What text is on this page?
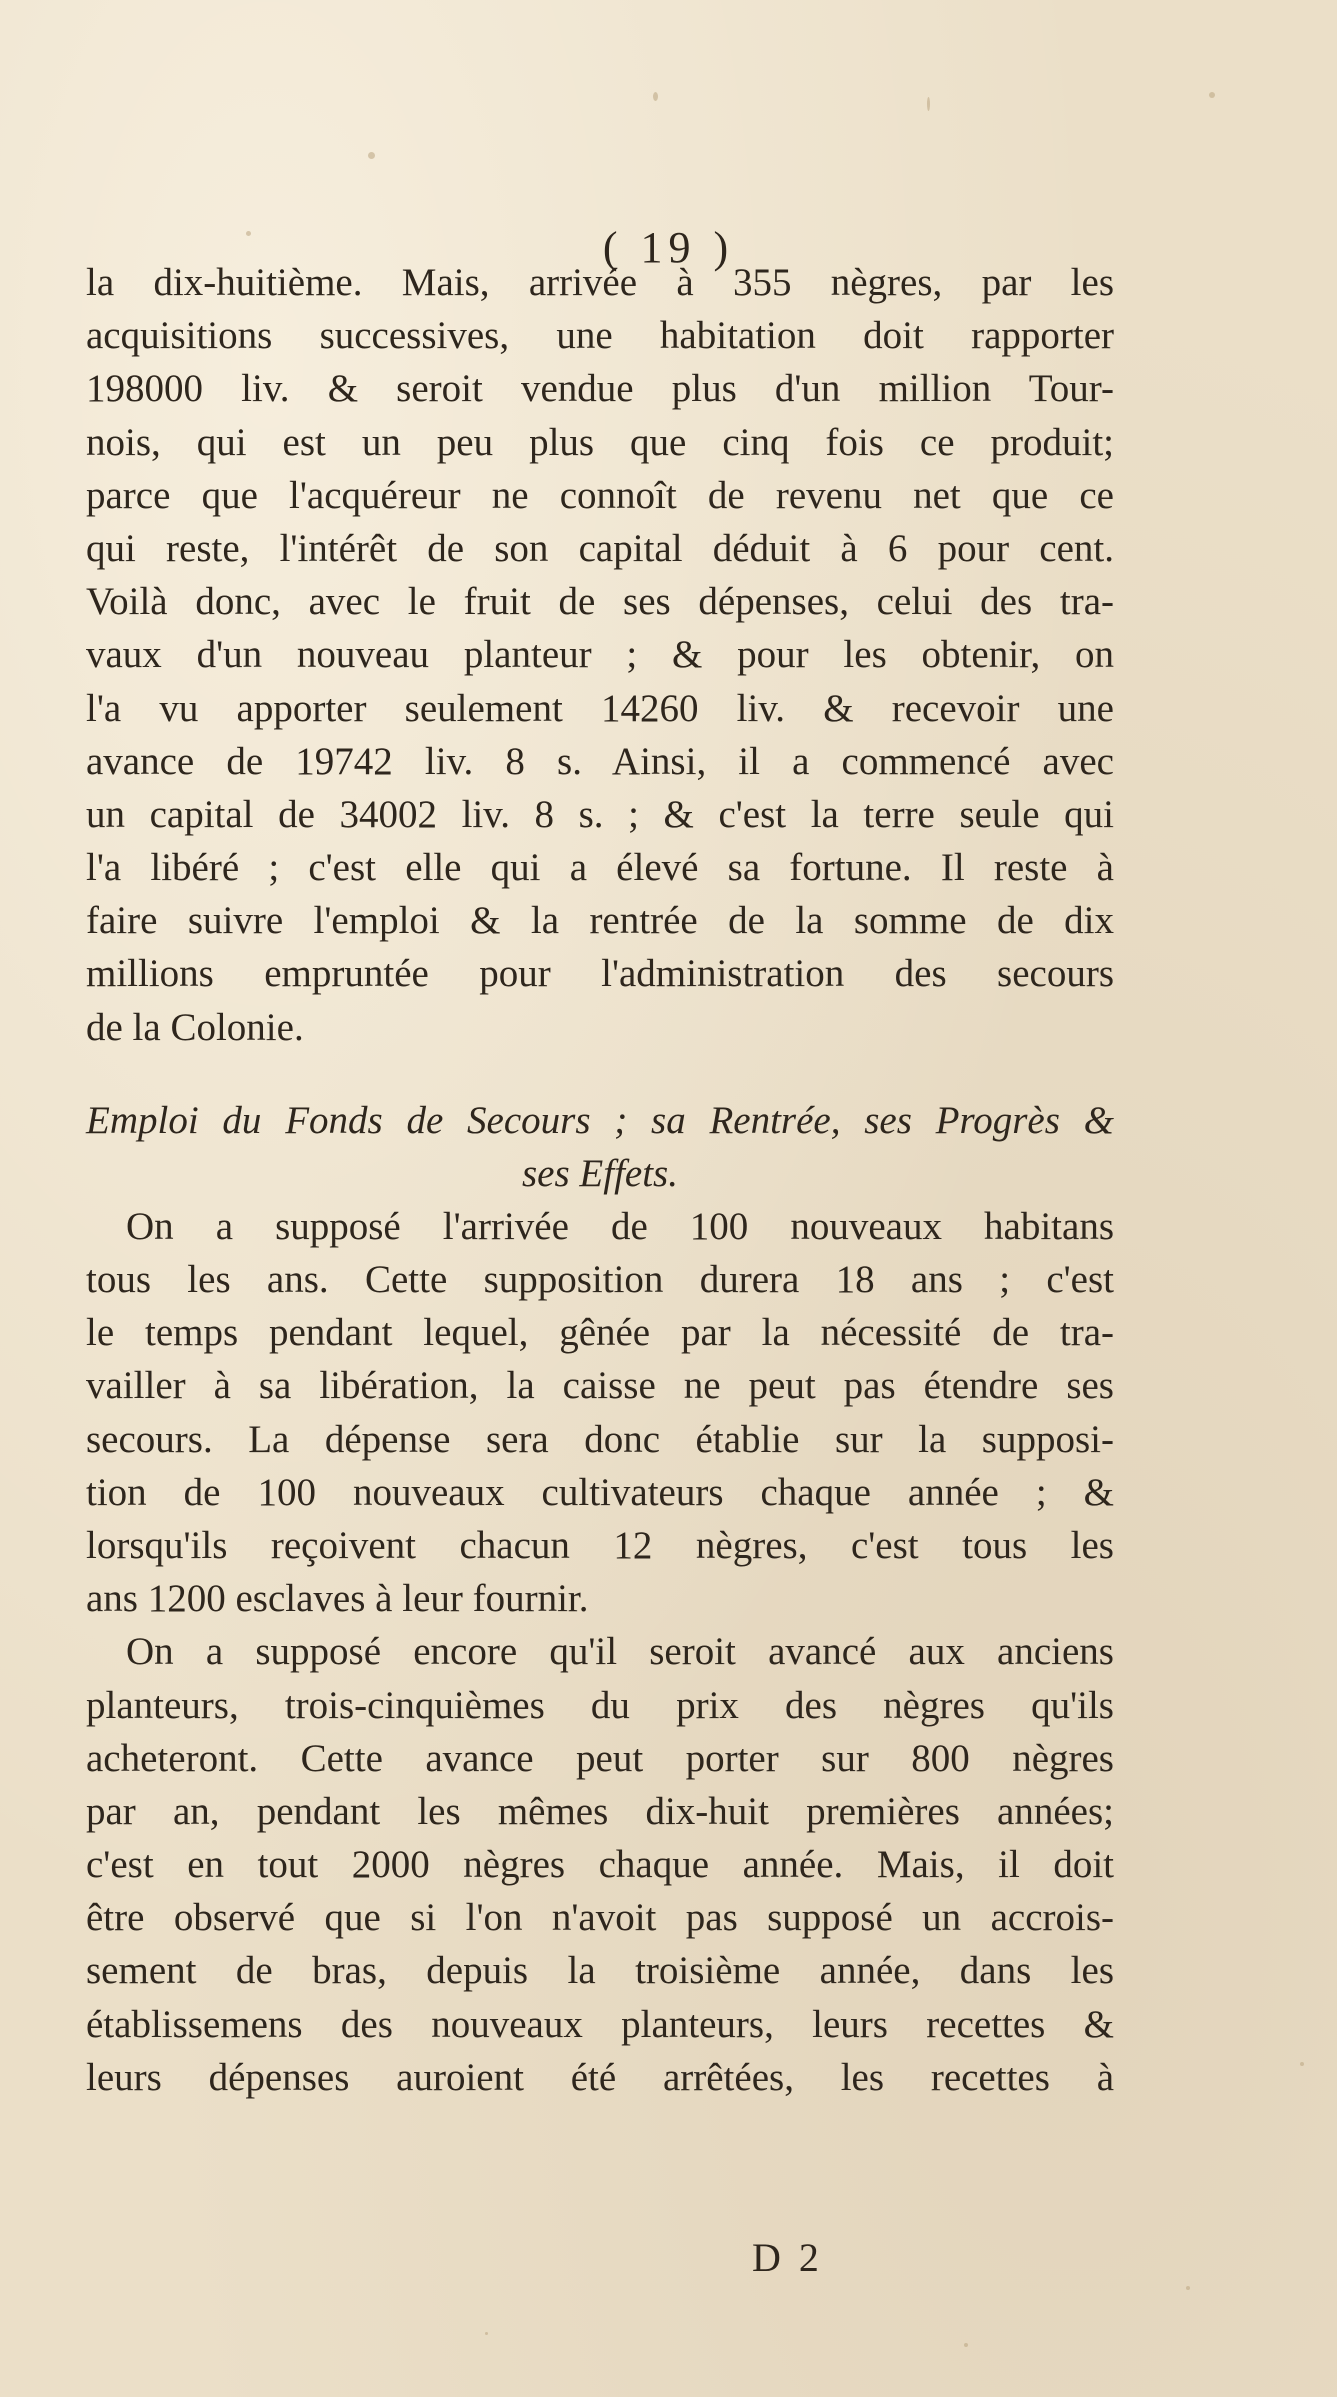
( 19 )
la dix-huitième. Mais, arrivée à 355 nègres, par les
acquisitions successives, une habitation doit rapporter
198000 liv. & seroit vendue plus d'un million Tour-
nois, qui est un peu plus que cinq fois ce produit;
parce que l'acquéreur ne connoît de revenu net que ce
qui reste, l'intérêt de son capital déduit à 6 pour cent.
Voilà donc, avec le fruit de ses dépenses, celui des tra-
vaux d'un nouveau planteur ; & pour les obtenir, on
l'a vu apporter seulement 14260 liv. & recevoir une
avance de 19742 liv. 8 s. Ainsi, il a commencé avec
un capital de 34002 liv. 8 s. ; & c'est la terre seule qui
l'a libéré ; c'est elle qui a élevé sa fortune. Il reste à
faire suivre l'emploi & la rentrée de la somme de dix
millions empruntée pour l'administration des secours
de la Colonie.
Emploi du Fonds de Secours ; sa Rentrée, ses Progrès &
ses Effets.
On a supposé l'arrivée de 100 nouveaux habitans
tous les ans. Cette supposition durera 18 ans ; c'est
le temps pendant lequel, gênée par la nécessité de tra-
vailler à sa libération, la caisse ne peut pas étendre ses
secours. La dépense sera donc établie sur la supposi-
tion de 100 nouveaux cultivateurs chaque année ; &
lorsqu'ils reçoivent chacun 12 nègres, c'est tous les
ans 1200 esclaves à leur fournir.
On a supposé encore qu'il seroit avancé aux anciens
planteurs, trois-cinquièmes du prix des nègres qu'ils
acheteront. Cette avance peut porter sur 800 nègres
par an, pendant les mêmes dix-huit premières années;
c'est en tout 2000 nègres chaque année. Mais, il doit
être observé que si l'on n'avoit pas supposé un accrois-
sement de bras, depuis la troisième année, dans les
établissemens des nouveaux planteurs, leurs recettes &
leurs dépenses auroient été arrêtées, les recettes à
D 2
